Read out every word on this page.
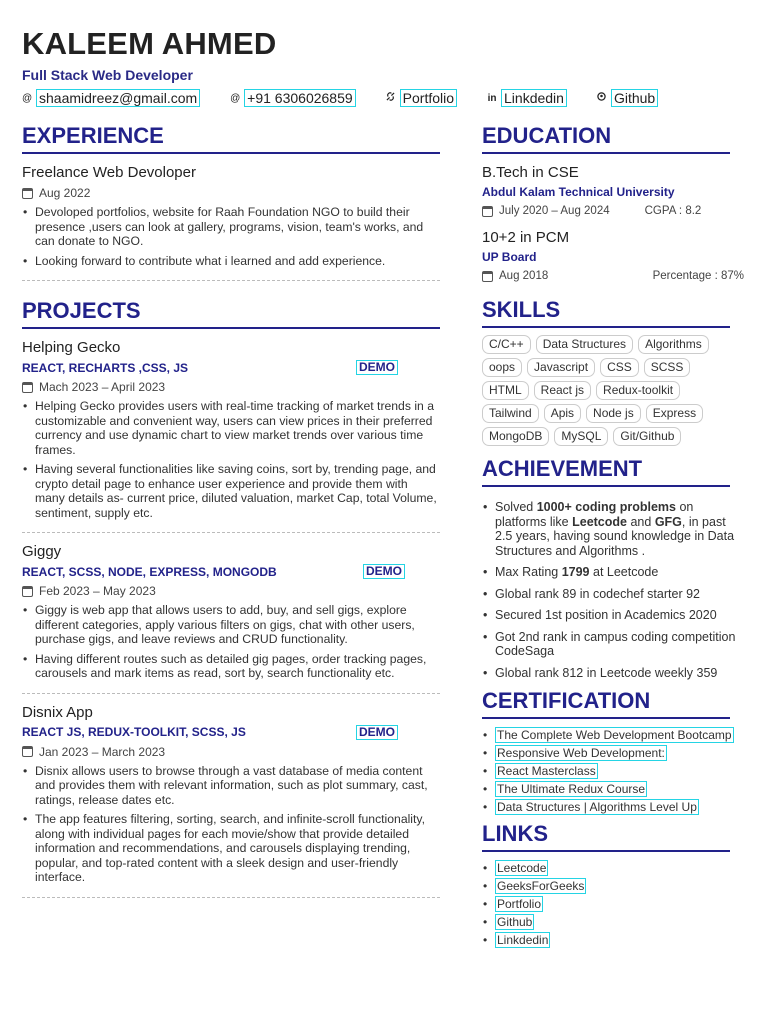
KALEEM AHMED
Full Stack Web Developer
@ shaamidreez@gmail.com	@ +91 6306026859	Portfolio	in Linkdedin	Github
EXPERIENCE
Freelance Web Devoloper
Aug 2022
• Devoloped portfolios, website for Raah Foundation NGO to build their presence ,users can look at gallery, programs, vision, team's works, and can donate to NGO.
• Looking forward to contribute what i learned and add experience.
PROJECTS
Helping Gecko
REACT, RECHARTS ,CSS, JS	DEMO
Mach 2023 – April 2023
• Helping Gecko provides users with real-time tracking of market trends in a customizable and convenient way, users can view prices in their preferred currency and use dynamic chart to view market trends over various time frames.
• Having several functionalities like saving coins, sort by, trending page, and crypto detail page to enhance user experience and provide them with many details as- current price, diluted valuation, market Cap, total Volume, sentiment, supply etc.
Giggy
REACT, SCSS, NODE, EXPRESS, MONGODB	DEMO
Feb 2023 – May 2023
• Giggy is web app that allows users to add, buy, and sell gigs, explore different categories, apply various filters on gigs, chat with other users, purchase gigs, and leave reviews and CRUD functionality.
• Having different routes such as detailed gig pages, order tracking pages, carousels and mark items as read, sort by, search functionality etc.
Disnix App
REACT JS, REDUX-TOOLKIT, SCSS, JS	DEMO
Jan 2023 – March 2023
• Disnix allows users to browse through a vast database of media content and provides them with relevant information, such as plot summary, cast, ratings, release dates etc.
• The app features filtering, sorting, search, and infinite-scroll functionality, along with individual pages for each movie/show that provide detailed information and recommendations, and carousels displaying trending, popular, and top-rated content with a sleek design and user-friendly interface.
EDUCATION
B.Tech in CSE
Abdul Kalam Technical University
July 2020 – Aug 2024	CGPA : 8.2
10+2 in PCM
UP Board
Aug 2018	Percentage : 87%
SKILLS
C/C++	Data Structures	Algorithms
oops	Javascript	CSS	SCSS
HTML	React js	Redux-toolkit
Tailwind	Apis	Node js	Express
MongoDB	MySQL	Git/Github
ACHIEVEMENT
• Solved 1000+ coding problems on platforms like Leetcode and GFG, in past 2.5 years, having sound knowledge in Data Structures and Algorithms .
• Max Rating 1799 at Leetcode
• Global rank 89 in codechef starter 92
• Secured 1st position in Academics 2020
• Got 2nd rank in campus coding competition CodeSaga
• Global rank 812 in Leetcode weekly 359
CERTIFICATION
• The Complete Web Development Bootcamp
• Responsive Web Development:
• React Masterclass
• The Ultimate Redux Course
• Data Structures | Algorithms Level Up
LINKS
• Leetcode
• GeeksForGeeks
• Portfolio
• Github
• Linkdedin
